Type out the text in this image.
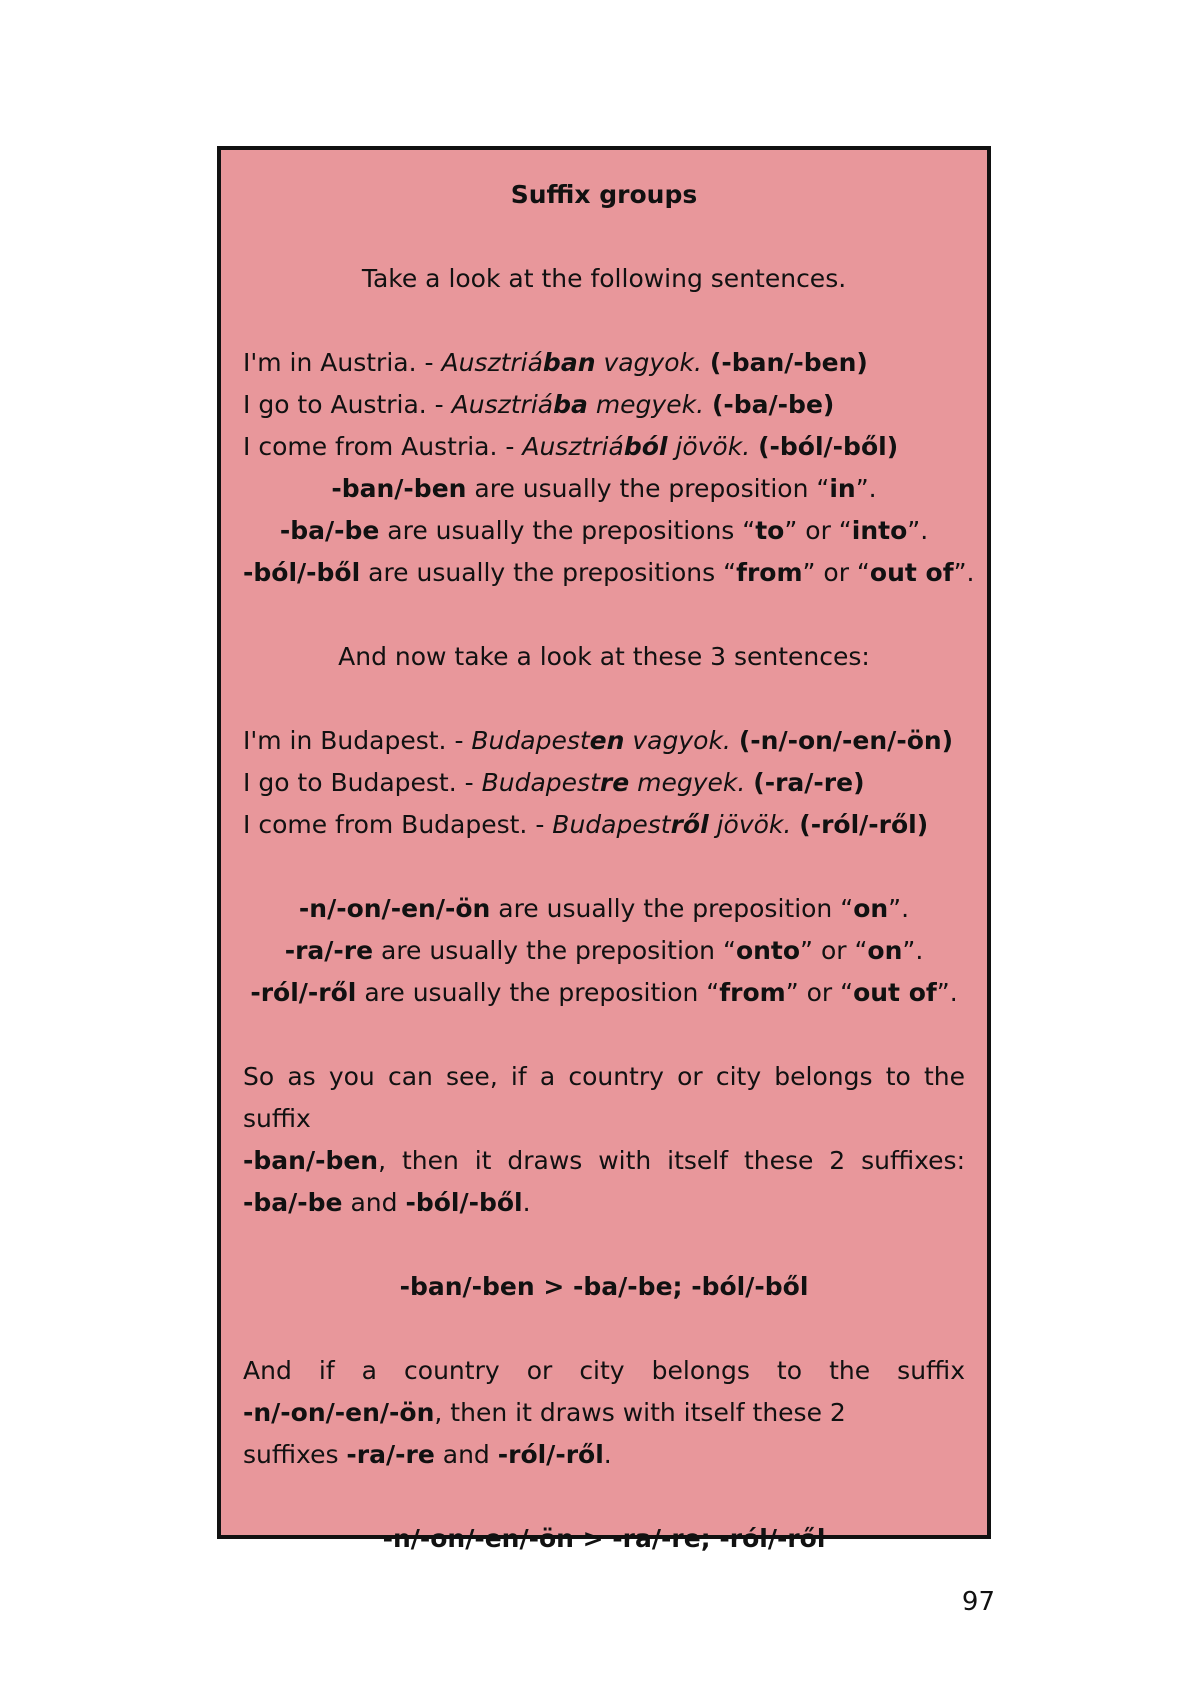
Suffix groups
Take a look at the following sentences.
I'm in Austria. - Ausztriában vagyok. (-ban/-ben)
I go to Austria. - Ausztriába megyek. (-ba/-be)
I come from Austria. - Ausztriából jövök. (-ból/-ből)
-ban/-ben are usually the preposition “in”.
-ba/-be are usually the prepositions “to” or “into”.
-ból/-ből are usually the prepositions “from” or “out of”.
And now take a look at these 3 sentences:
I'm in Budapest. - Budapesten vagyok. (-n/-on/-en/-ön)
I go to Budapest. - Budapestre megyek. (-ra/-re)
I come from Budapest. - Budapestről jövök. (-ról/-ről)
-n/-on/-en/-ön are usually the preposition “on”.
-ra/-re are usually the preposition “onto” or “on”.
-ról/-ről are usually the preposition “from” or “out of”.
So as you can see, if a country or city belongs to the suffix
-ban/-ben, then it draws with itself these 2 suffixes:
-ba/-be and -ból/-ből.
-ban/-ben > -ba/-be; -ból/-ből
And if a country or city belongs to the suffix
-n/-on/-en/-ön, then it draws with itself these 2
suffixes -ra/-re and -ról/-ről.
-n/-on/-en/-ön > -ra/-re; -ról/-ről
97
